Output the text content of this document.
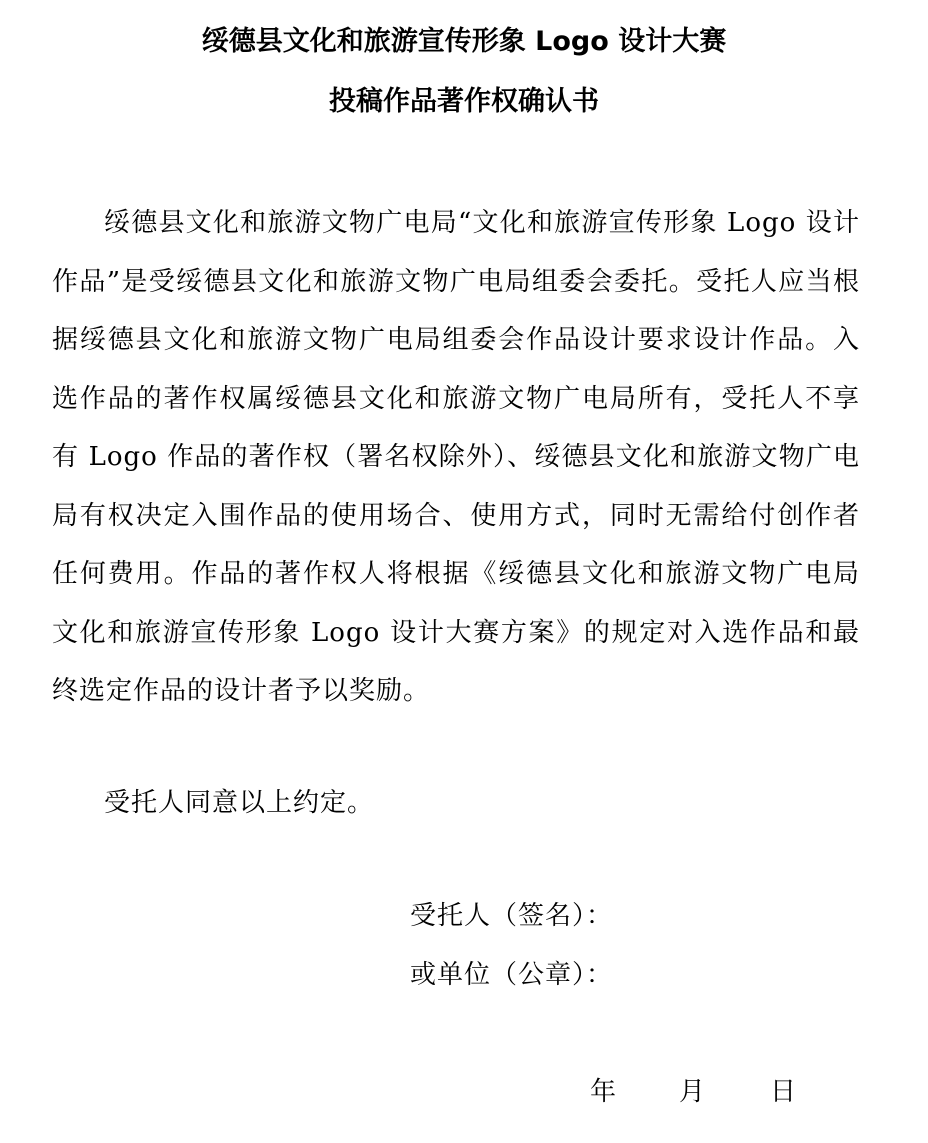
绥德县文化和旅游宣传形象 Logo 设计大赛
投稿作品著作权确认书

绥德县文化和旅游文物广电局“文化和旅游宣传形象 Logo 设计作品”是受绥德县文化和旅游文物广电局组委会委托。受托人应当根据绥德县文化和旅游文物广电局组委会作品设计要求设计作品。入选作品的著作权属绥德县文化和旅游文物广电局所有，受托人不享有 Logo 作品的著作权（署名权除外）、绥德县文化和旅游文物广电局有权决定入围作品的使用场合、使用方式，同时无需给付创作者任何费用。作品的著作权人将根据《绥德县文化和旅游文物广电局文化和旅游宣传形象 Logo 设计大赛方案》的规定对入选作品和最终选定作品的设计者予以奖励。

受托人同意以上约定。

受托人（签名）：
或单位（公章）：
年 月 日
